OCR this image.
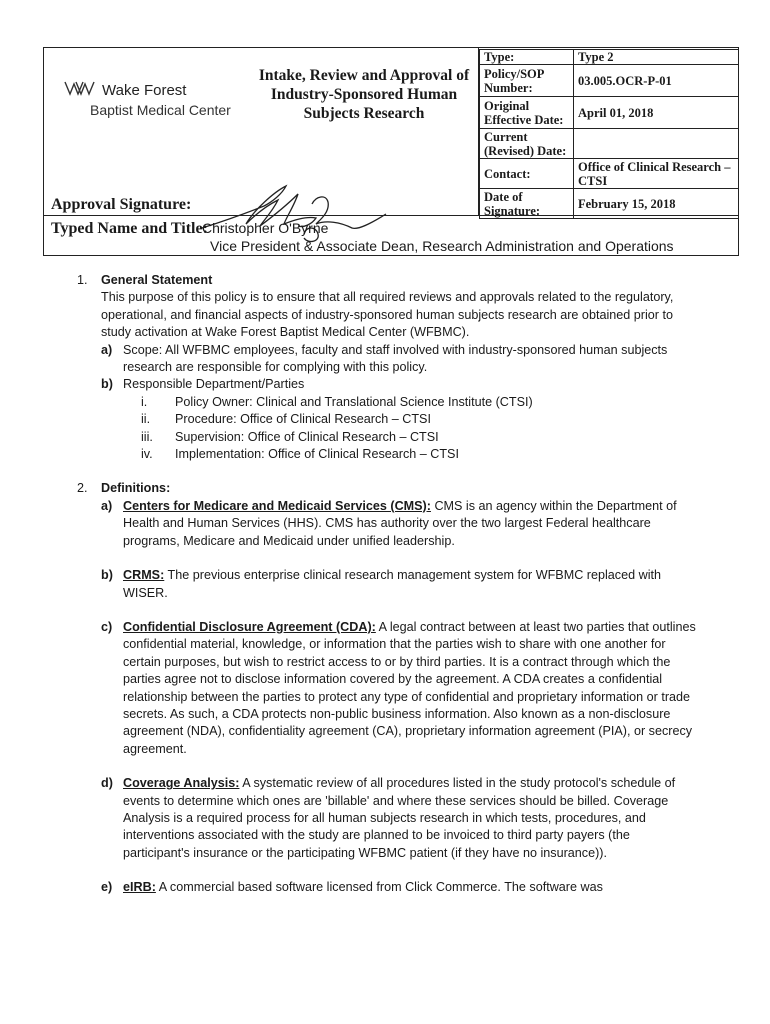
Wake Forest
Baptist Medical Center
Intake, Review and Approval of Industry-Sponsored Human Subjects Research
Type:	Type 2
Policy/SOP Number:	03.005.OCR-P-01
Original Effective Date:	April 01, 2018
Current (Revised) Date:	
Contact:	Office of Clinical Research – CTSI
Date of Signature:	February 15, 2018
Approval Signature:
Typed Name and Title:
Christopher O'Byrne
Vice President & Associate Dean, Research Administration and Operations
1.	General Statement

This purpose of this policy is to ensure that all required reviews and approvals related to the regulatory, operational, and financial aspects of industry-sponsored human subjects research are obtained prior to study activation at Wake Forest Baptist Medical Center (WFBMC).

a) Scope: All WFBMC employees, faculty and staff involved with industry-sponsored human subjects research are responsible for complying with this policy.
b) Responsible Department/Parties
i.	Policy Owner: Clinical and Translational Science Institute (CTSI)
ii.	Procedure: Office of Clinical Research – CTSI
iii.	Supervision: Office of Clinical Research – CTSI
iv.	Implementation: Office of Clinical Research – CTSI
2.	Definitions:

a) Centers for Medicare and Medicaid Services (CMS): CMS is an agency within the Department of Health and Human Services (HHS). CMS has authority over the two largest Federal healthcare programs, Medicare and Medicaid under unified leadership.
b) CRMS: The previous enterprise clinical research management system for WFBMC replaced with WISER.
c) Confidential Disclosure Agreement (CDA): A legal contract between at least two parties that outlines confidential material, knowledge, or information that the parties wish to share with one another for certain purposes, but wish to restrict access to or by third parties. It is a contract through which the parties agree not to disclose information covered by the agreement. A CDA creates a confidential relationship between the parties to protect any type of confidential and proprietary information or trade secrets. As such, a CDA protects non-public business information. Also known as a non-disclosure agreement (NDA), confidentiality agreement (CA), proprietary information agreement (PIA), or secrecy agreement.
d) Coverage Analysis: A systematic review of all procedures listed in the study protocol's schedule of events to determine which ones are 'billable' and where these services should be billed. Coverage Analysis is a required process for all human subjects research in which tests, procedures, and interventions associated with the study are planned to be invoiced to third party payers (the participant's insurance or the participating WFBMC patient (if they have no insurance)).
e) eIRB: A commercial based software licensed from Click Commerce. The software was
